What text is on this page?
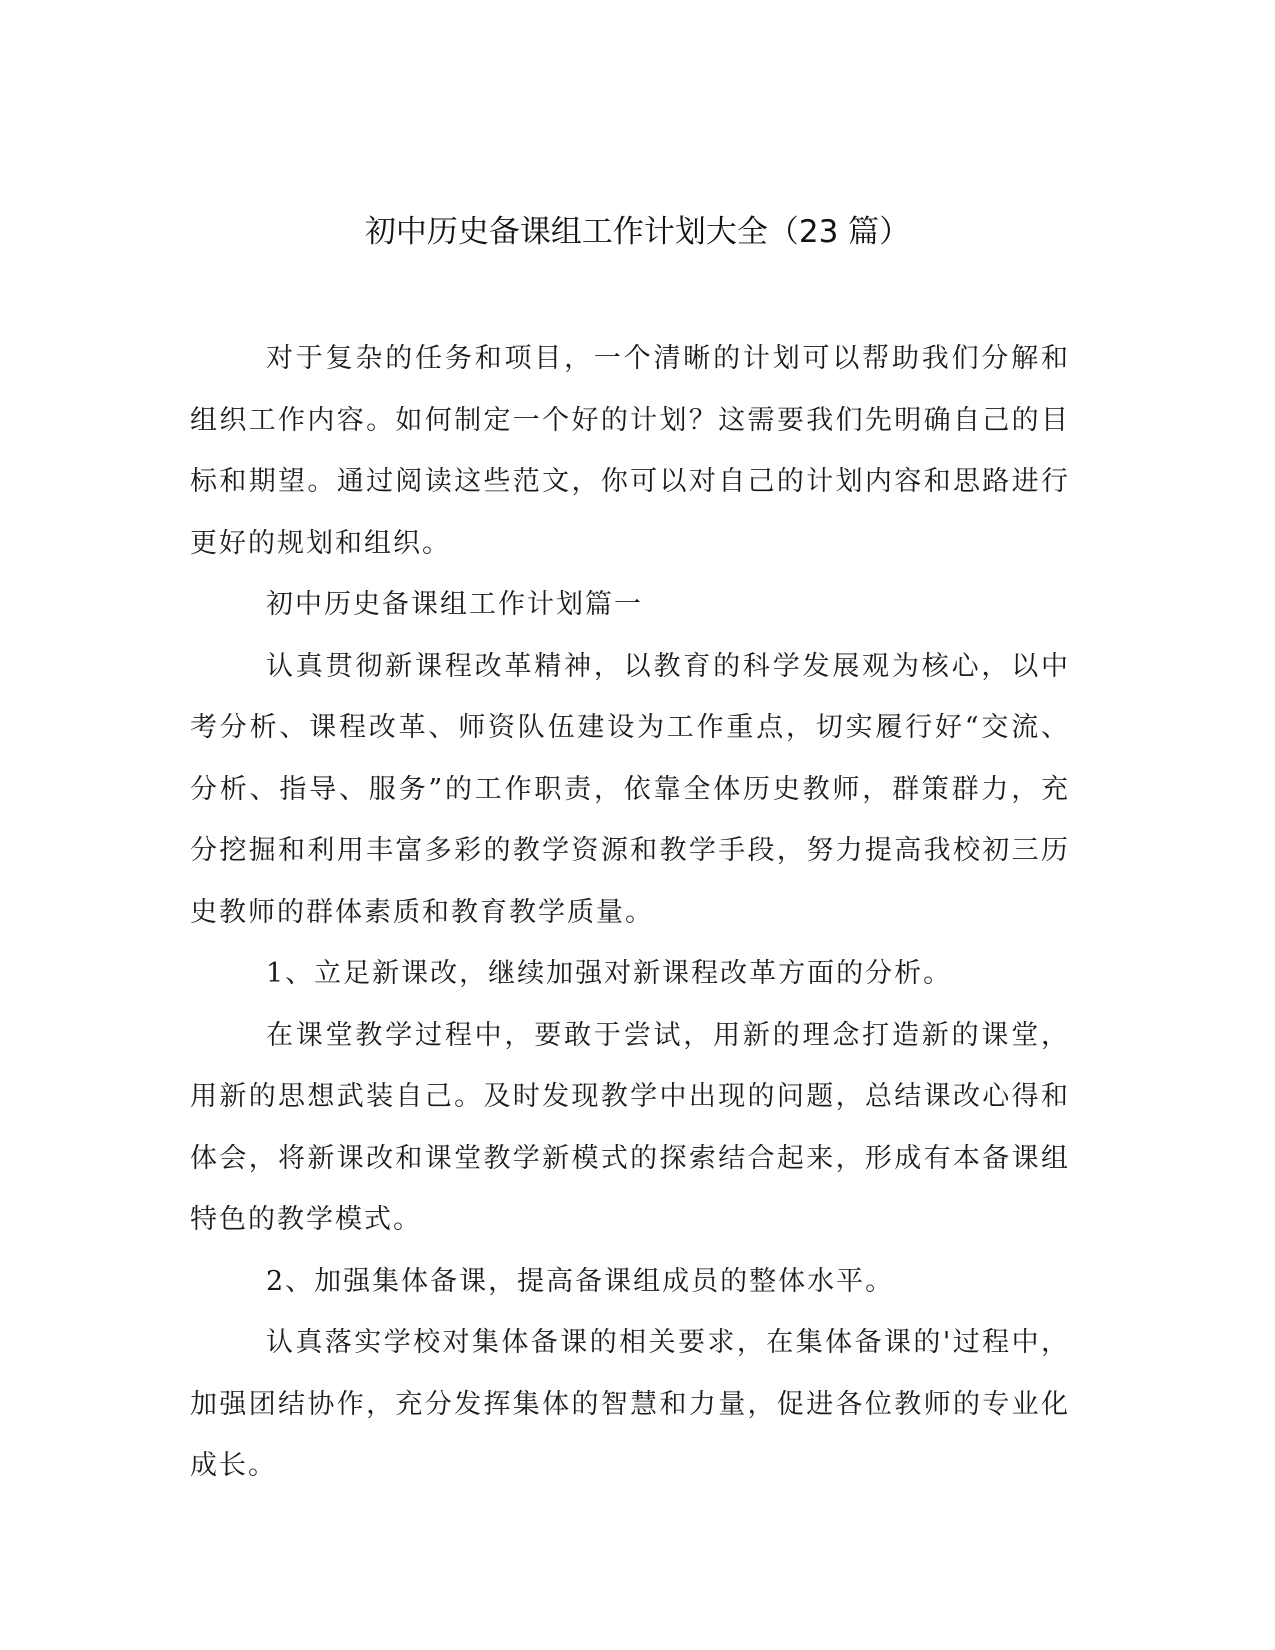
初中历史备课组工作计划大全（23 篇）

对于复杂的任务和项目，一个清晰的计划可以帮助我们分解和组织工作内容。如何制定一个好的计划？这需要我们先明确自己的目标和期望。通过阅读这些范文，你可以对自己的计划内容和思路进行更好的规划和组织。

初中历史备课组工作计划篇一

认真贯彻新课程改革精神，以教育的科学发展观为核心，以中考分析、课程改革、师资队伍建设为工作重点，切实履行好“交流、分析、指导、服务”的工作职责，依靠全体历史教师，群策群力，充分挖掘和利用丰富多彩的教学资源和教学手段，努力提高我校初三历史教师的群体素质和教育教学质量。

1、立足新课改，继续加强对新课程改革方面的分析。

在课堂教学过程中，要敢于尝试，用新的理念打造新的课堂，用新的思想武装自己。及时发现教学中出现的问题，总结课改心得和体会，将新课改和课堂教学新模式的探索结合起来，形成有本备课组特色的教学模式。

2、加强集体备课，提高备课组成员的整体水平。

认真落实学校对集体备课的相关要求，在集体备课的'过程中，加强团结协作，充分发挥集体的智慧和力量，促进各位教师的专业化成长。
